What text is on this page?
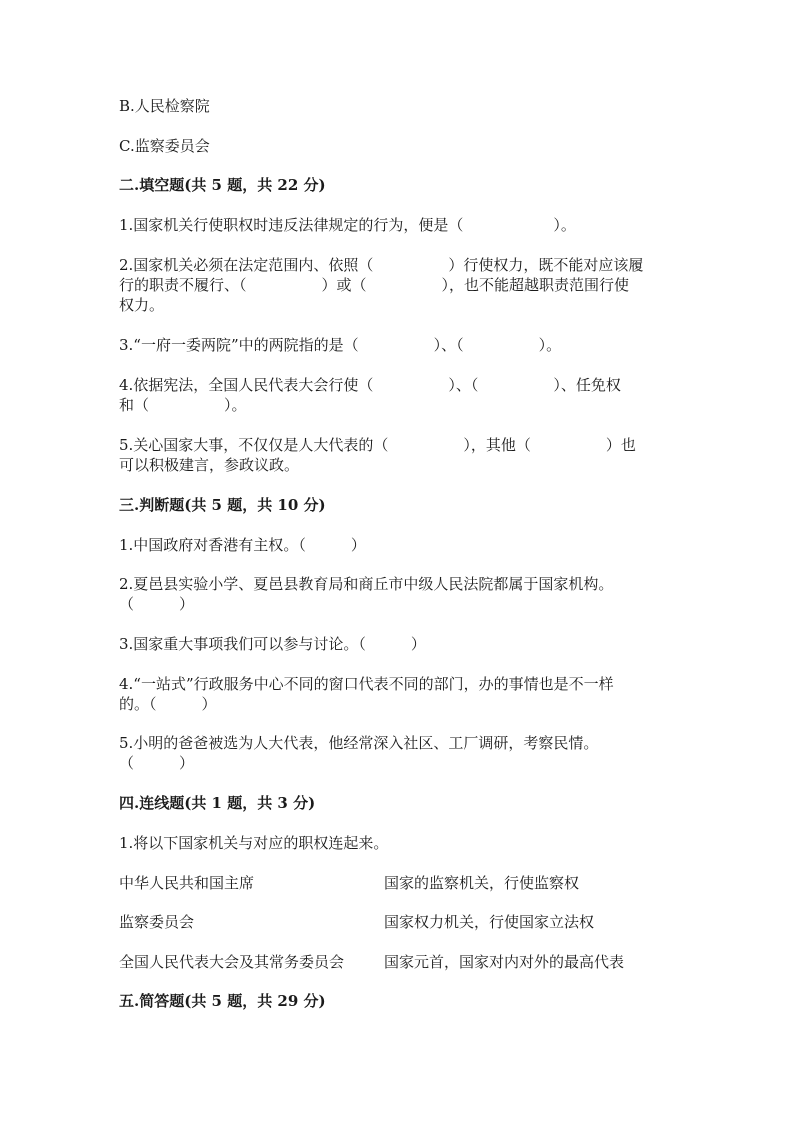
B.人民检察院
C.监察委员会
二.填空题(共 5 题，共 22 分)
1.国家机关行使职权时违反法律规定的行为，便是（　　　　　　）。
2.国家机关必须在法定范围内、依照（　　　　　）行使权力，既不能对应该履
行的职责不履行、（　　　　　）或（　　　　　），也不能超越职责范围行使
权力。
3.“一府一委两院”中的两院指的是（　　　　　）、（　　　　　）。
4.依据宪法，全国人民代表大会行使（　　　　　）、（　　　　　）、任免权
和（　　　　　）。
5.关心国家大事，不仅仅是人大代表的（　　　　　），其他（　　　　　）也
可以积极建言，参政议政。
三.判断题(共 5 题，共 10 分)
1.中国政府对香港有主权。（　　　）
2.夏邑县实验小学、夏邑县教育局和商丘市中级人民法院都属于国家机构。
（　　　）
3.国家重大事项我们可以参与讨论。（　　　）
4.“一站式”行政服务中心不同的窗口代表不同的部门，办的事情也是不一样
的。（　　　）
5.小明的爸爸被选为人大代表，他经常深入社区、工厂调研，考察民情。
（　　　）
四.连线题(共 1 题，共 3 分)
1.将以下国家机关与对应的职权连起来。
中华人民共和国主席	国家的监察机关，行使监察权
监察委员会	国家权力机关，行使国家立法权
全国人民代表大会及其常务委员会	国家元首，国家对内对外的最高代表
五.简答题(共 5 题，共 29 分)
